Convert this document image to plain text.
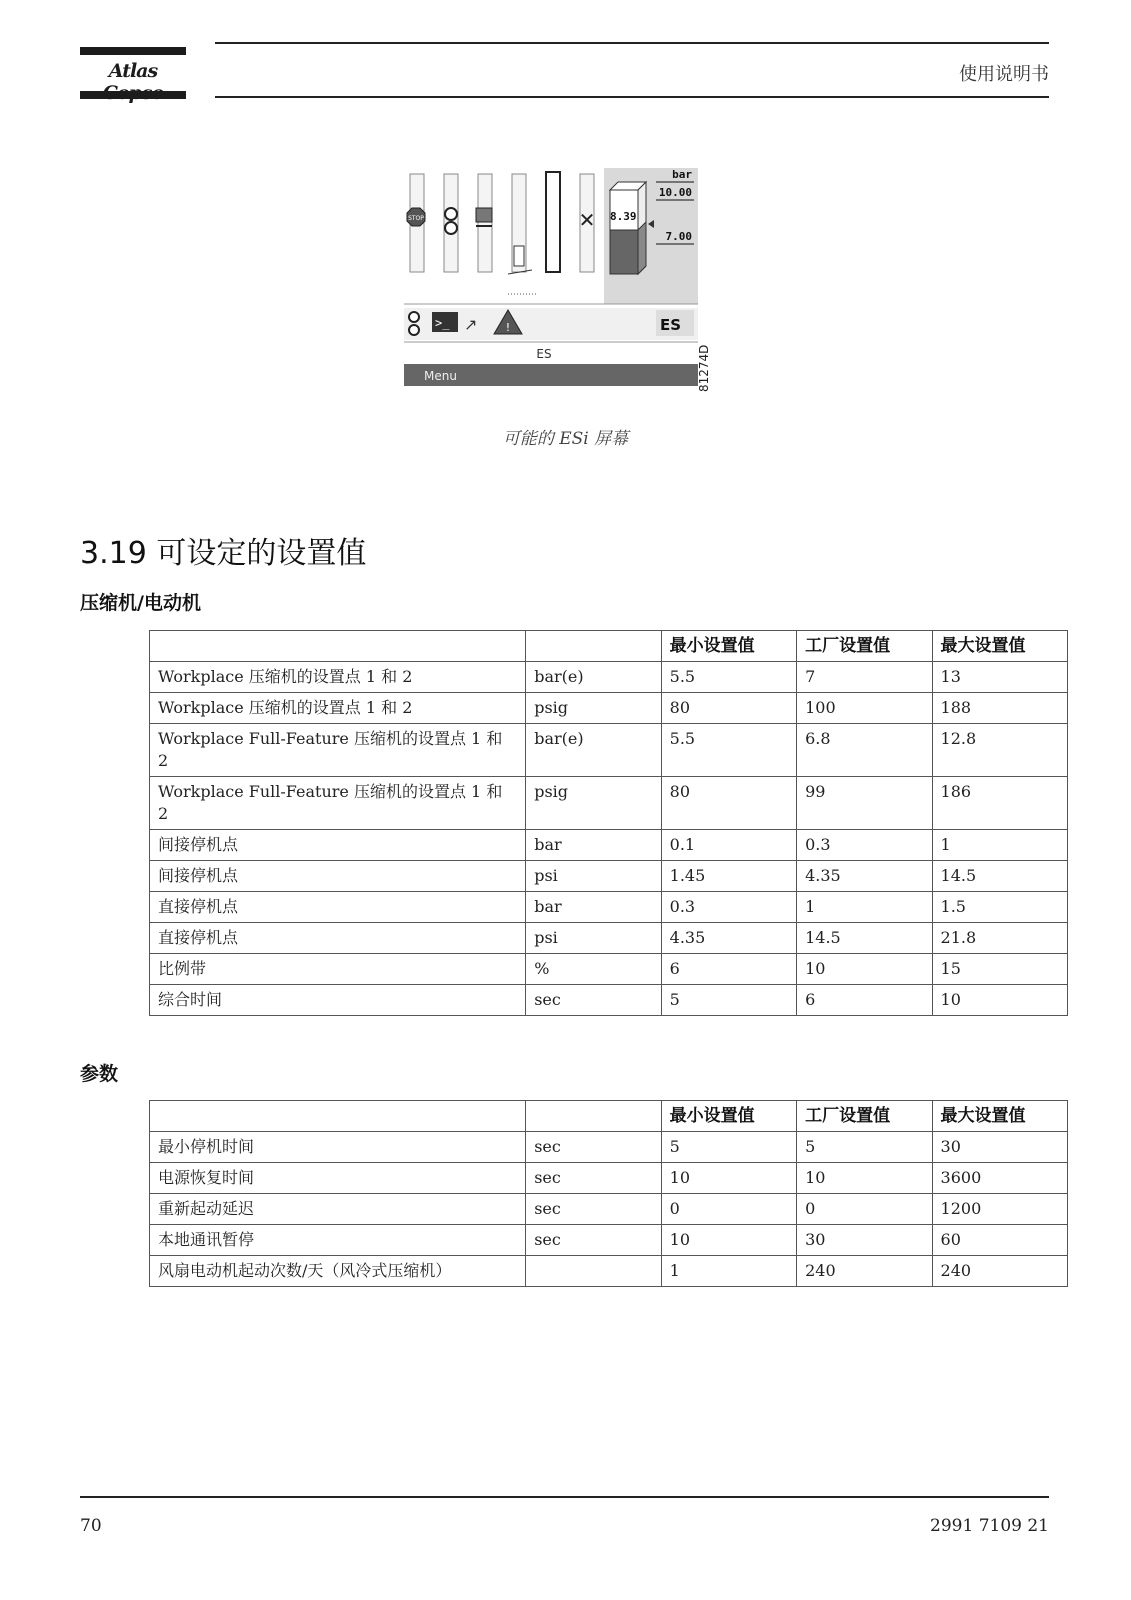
Atlas	使用说明书
STOP	✕
bar
10.00
7.00
8.39
>_ ↗	!	ES
ES
Menu	81274D
可能的 ESi 屏幕
3.19 可设定的设置值
压缩机/电动机
		最小设置值	工厂设置值	最大设置值
Workplace 压缩机的设置点 1 和 2	bar(e)	5.5	7	13
Workplace 压缩机的设置点 1 和 2	psig	80	100	188
Workplace Full-Feature 压缩机的设置点 1 和 2	bar(e)	5.5	6.8	12.8
Workplace Full-Feature 压缩机的设置点 1 和 2	psig	80	99	186
间接停机点	bar	0.1	0.3	1
间接停机点	psi	1.45	4.35	14.5
直接停机点	bar	0.3	1	1.5
直接停机点	psi	4.35	14.5	21.8
比例带	%	6	10	15
综合时间	sec	5	6	10
参数
		最小设置值	工厂设置值	最大设置值
最小停机时间	sec	5	5	30
电源恢复时间	sec	10	10	3600
重新起动延迟	sec	0	0	1200
本地通讯暂停	sec	10	30	60
风扇电动机起动次数/天（风冷式压缩机）		1	240	240
70	2991 7109 21
